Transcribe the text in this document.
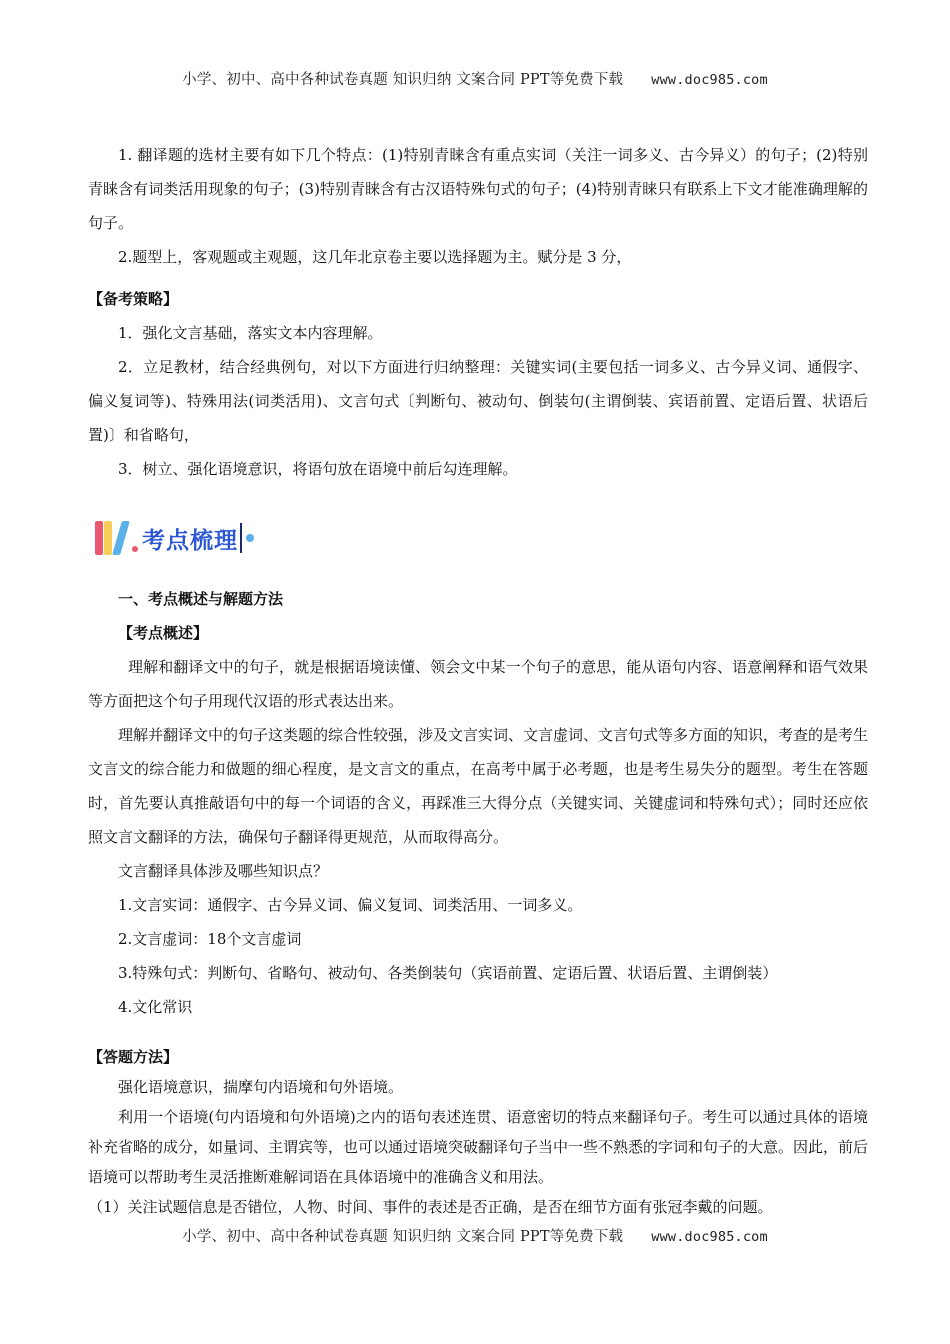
小学、初中、高中各种试卷真题 知识归纳 文案合同 PPT等免费下载 www.doc985.com

1. 翻译题的选材主要有如下几个特点：(1)特别青睐含有重点实词（关注一词多义、古今异义）的句子；(2)特别青睐含有词类活用现象的句子；(3)特别青睐含有古汉语特殊句式的句子；(4)特别青睐只有联系上下文才能准确理解的句子。

2.题型上，客观题或主观题，这几年北京卷主要以选择题为主。赋分是 3 分，

【备考策略】

1．强化文言基础，落实文本内容理解。

2．立足教材，结合经典例句，对以下方面进行归纳整理：关键实词(主要包括一词多义、古今异义词、通假字、偏义复词等)、特殊用法(词类活用)、文言句式〔判断句、被动句、倒装句(主谓倒装、宾语前置、定语后置、状语后置)〕和省略句，

3．树立、强化语境意识，将语句放在语境中前后勾连理解。

考点梳理

一、考点概述与解题方法

【考点概述】

理解和翻译文中的句子，就是根据语境读懂、领会文中某一个句子的意思，能从语句内容、语意阐释和语气效果等方面把这个句子用现代汉语的形式表达出来。

理解并翻译文中的句子这类题的综合性较强，涉及文言实词、文言虚词、文言句式等多方面的知识，考查的是考生文言文的综合能力和做题的细心程度，是文言文的重点，在高考中属于必考题，也是考生易失分的题型。考生在答题时，首先要认真推敲语句中的每一个词语的含义，再踩准三大得分点（关键实词、关键虚词和特殊句式）；同时还应依照文言文翻译的方法，确保句子翻译得更规范，从而取得高分。

文言翻译具体涉及哪些知识点？

1.文言实词：通假字、古今异义词、偏义复词、词类活用、一词多义。

2.文言虚词：18个文言虚词

3.特殊句式：判断句、省略句、被动句、各类倒装句（宾语前置、定语后置、状语后置、主谓倒装）

4.文化常识

【答题方法】

强化语境意识，揣摩句内语境和句外语境。

利用一个语境(句内语境和句外语境)之内的语句表述连贯、语意密切的特点来翻译句子。考生可以通过具体的语境补充省略的成分，如量词、主谓宾等，也可以通过语境突破翻译句子当中一些不熟悉的字词和句子的大意。因此，前后语境可以帮助考生灵活推断难解词语在具体语境中的准确含义和用法。

（1）关注试题信息是否错位，人物、时间、事件的表述是否正确，是否在细节方面有张冠李戴的问题。

小学、初中、高中各种试卷真题 知识归纳 文案合同 PPT等免费下载 www.doc985.com
